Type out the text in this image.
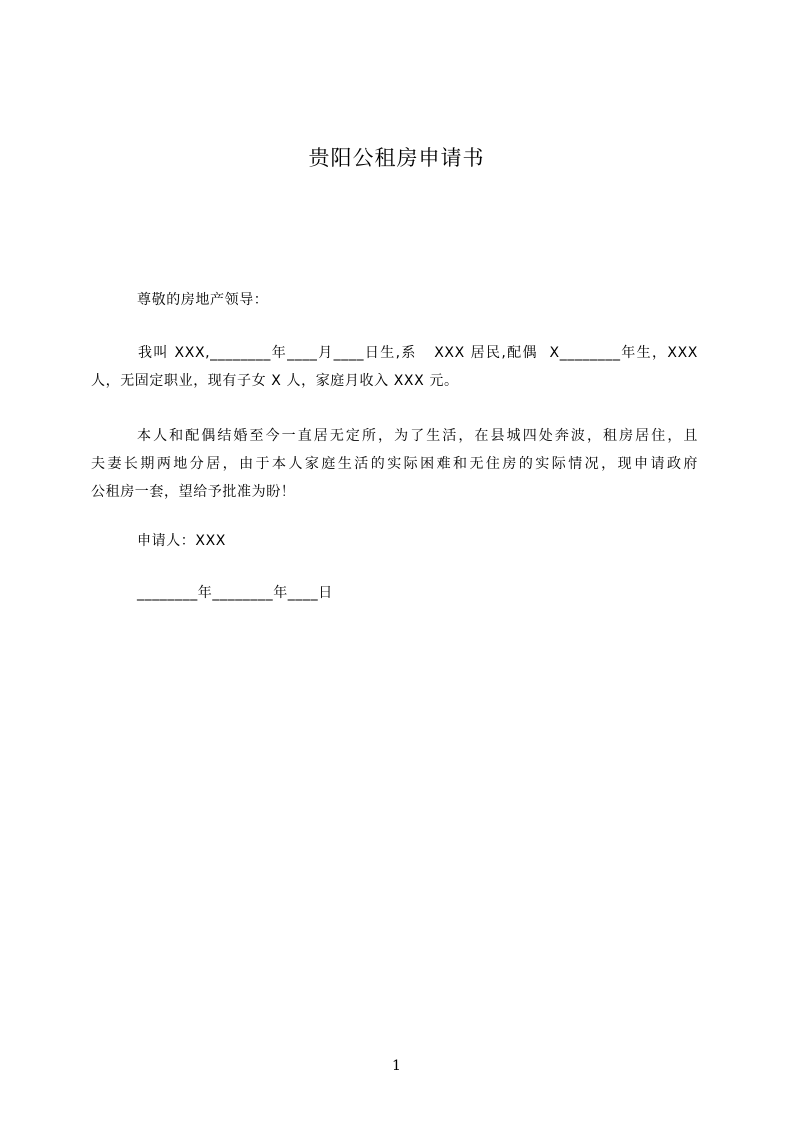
贵阳公租房申请书
尊敬的房地产领导：
我叫 XXX,________年____月____日生,系   XXX 居民,配偶  X________年生，XXX
人，无固定职业，现有子女 X 人，家庭月收入 XXX 元。
本人和配偶结婚至今一直居无定所，为了生活，在县城四处奔波，租房居住，且
夫妻长期两地分居，由于本人家庭生活的实际困难和无住房的实际情况，现申请政府
公租房一套，望给予批准为盼！
申请人：XXX
________年________年____日
1
